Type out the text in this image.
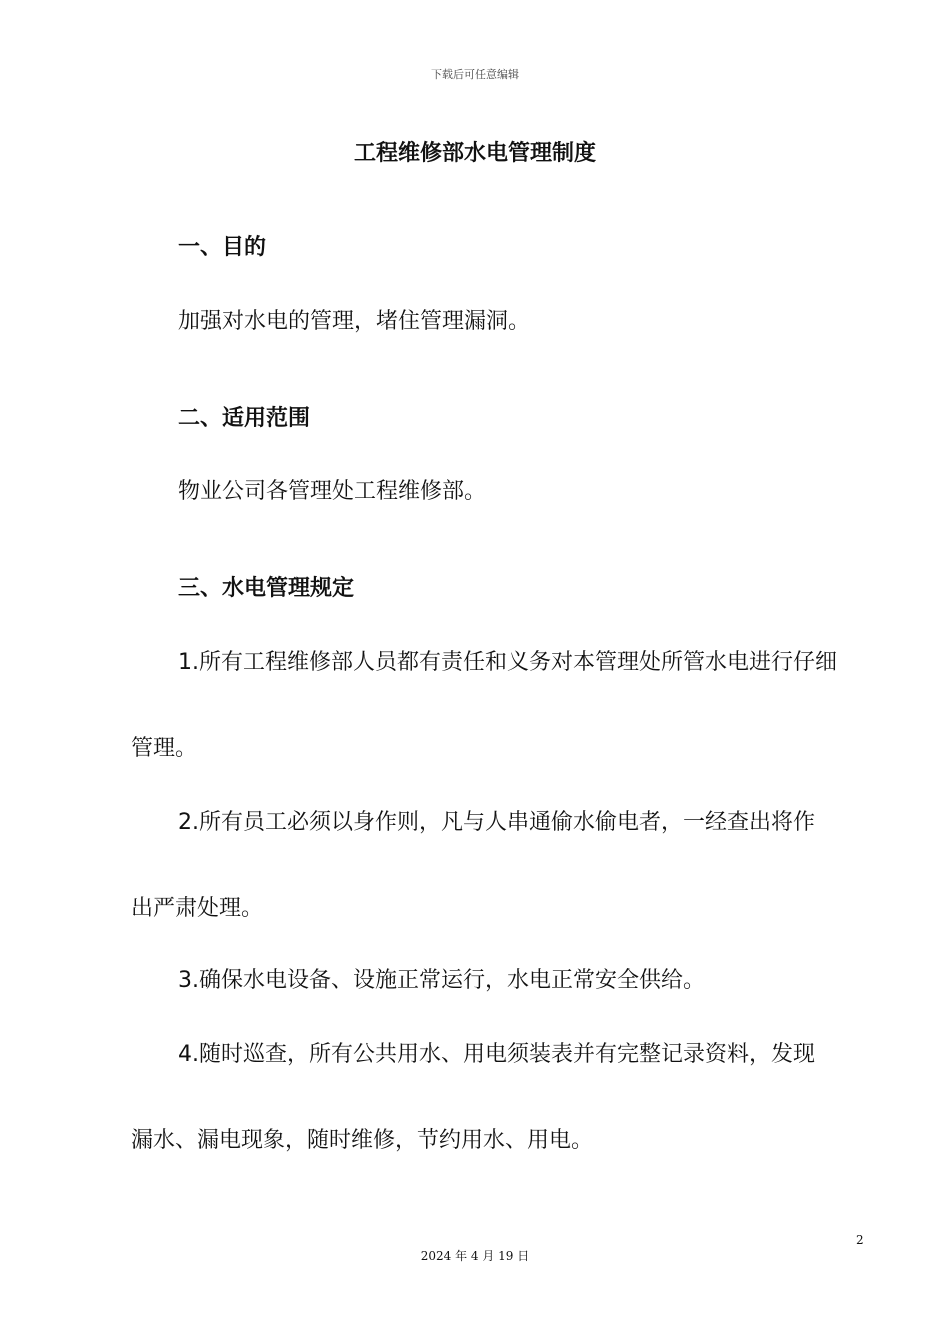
下载后可任意编辑
工程维修部水电管理制度
一、目的
加强对水电的管理，堵住管理漏洞。
二、适用范围
物业公司各管理处工程维修部。
三、水电管理规定
1.所有工程维修部人员都有责任和义务对本管理处所管水电进行仔细
管理。
2.所有员工必须以身作则，凡与人串通偷水偷电者，一经查出将作
出严肃处理。
3.确保水电设备、设施正常运行，水电正常安全供给。
4.随时巡查，所有公共用水、用电须装表并有完整记录资料，发现
漏水、漏电现象，随时维修，节约用水、用电。
2
2024 年 4 月 19 日
